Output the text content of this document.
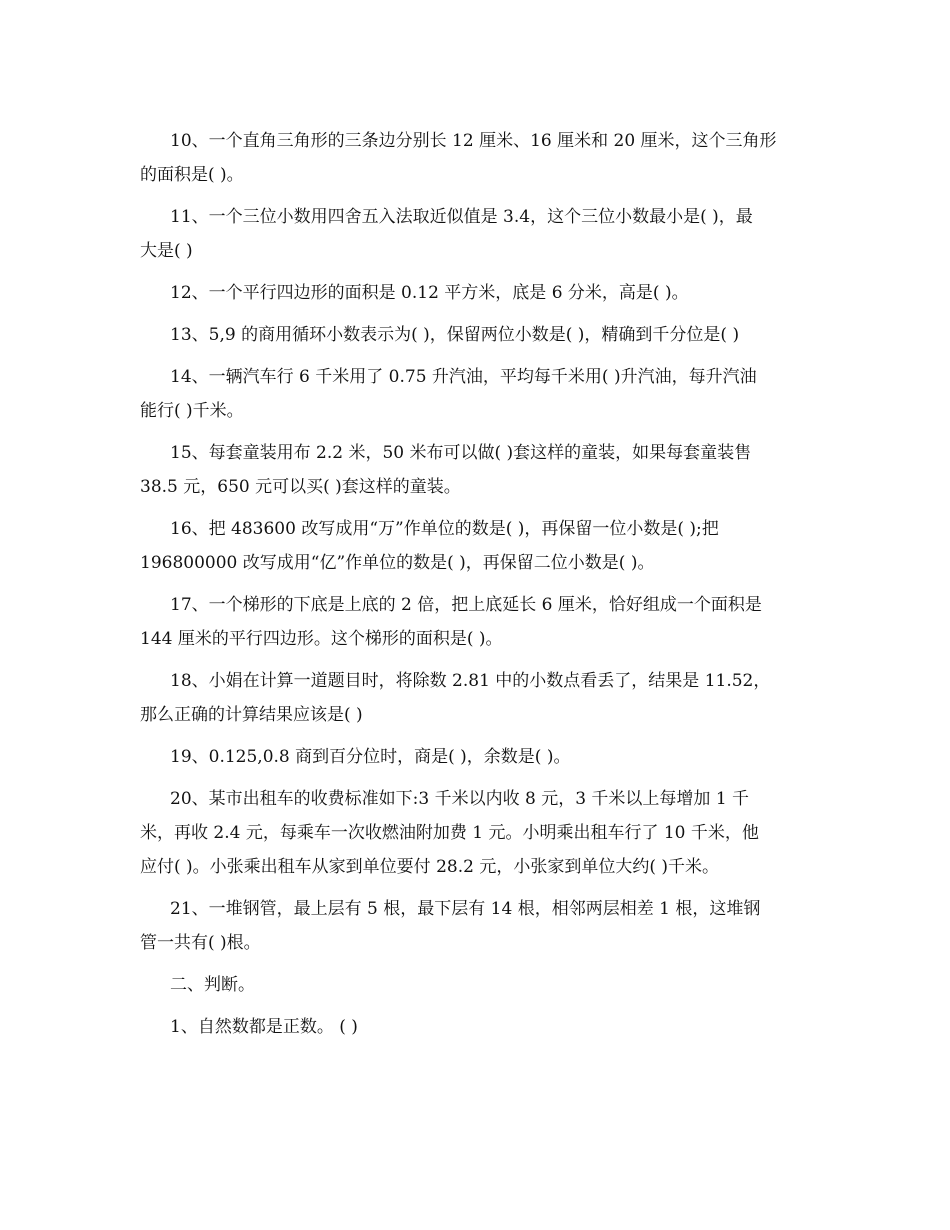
10、一个直角三角形的三条边分别长 12 厘米、16 厘米和 20 厘米，这个三角形
的面积是( )。

11、一个三位小数用四舍五入法取近似值是 3.4，这个三位小数最小是( )，最
大是( )

12、一个平行四边形的面积是 0.12 平方米，底是 6 分米，高是( )。

13、5,9 的商用循环小数表示为( )，保留两位小数是( )，精确到千分位是( )

14、一辆汽车行 6 千米用了 0.75 升汽油，平均每千米用( )升汽油，每升汽油
能行( )千米。

15、每套童装用布 2.2 米，50 米布可以做( )套这样的童装，如果每套童装售
38.5 元，650 元可以买( )套这样的童装。

16、把 483600 改写成用“万”作单位的数是( )，再保留一位小数是( );把
196800000 改写成用“亿”作单位的数是( )，再保留二位小数是( )。

17、一个梯形的下底是上底的 2 倍，把上底延长 6 厘米，恰好组成一个面积是
144 厘米的平行四边形。这个梯形的面积是( )。

18、小娟在计算一道题目时，将除数 2.81 中的小数点看丢了，结果是 11.52，
那么正确的计算结果应该是( )

19、0.125,0.8 商到百分位时，商是( )，余数是( )。

20、某市出租车的收费标准如下:3 千米以内收 8 元，3 千米以上每增加 1 千
米，再收 2.4 元，每乘车一次收燃油附加费 1 元。小明乘出租车行了 10 千米，他
应付( )。小张乘出租车从家到单位要付 28.2 元，小张家到单位大约( )千米。

21、一堆钢管，最上层有 5 根，最下层有 14 根，相邻两层相差 1 根，这堆钢
管一共有( )根。

二、判断。

1、自然数都是正数。 ( )
